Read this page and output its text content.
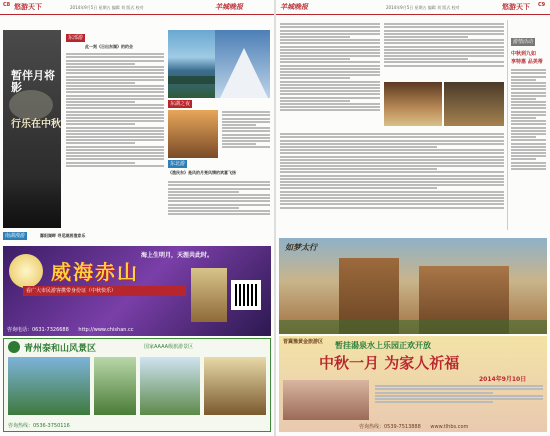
C8 悠游天下	2014年9月5日 星期五 编辑 刘 版式 校对	羊城晚报
暂伴月将影
行乐在中秋
东部游
此一刻《日出东湖》的约会
东湖之夜
东北游
《渔民东》是风的月亮风情的欢喜飞扬
南湖漫游	鄱阳湖畔 寻觅湖居渔家乐
威海赤山
海上生明月，天涯共此时。
看广大市民游客携带身份证（中秋快乐）
咨询电话：0631-7326688 http://www.chishan.cc
青州泰和山风景区	国家AAAA级旅游景区
咨询热线：0536-3750116
羊城晚报	2014年9月5日 星期五 编辑 刘 版式 校对	悠游天下 C9
游情活动
中秋到九如
享特惠 品美蒂
如梦太行
晋冀豫黄金旅游区 暂挂湯泉水上乐园正欢开放
中秋一月 为家人祈福
2014年9月10日
咨询热线：0539-7513888 www.tlhbs.com
